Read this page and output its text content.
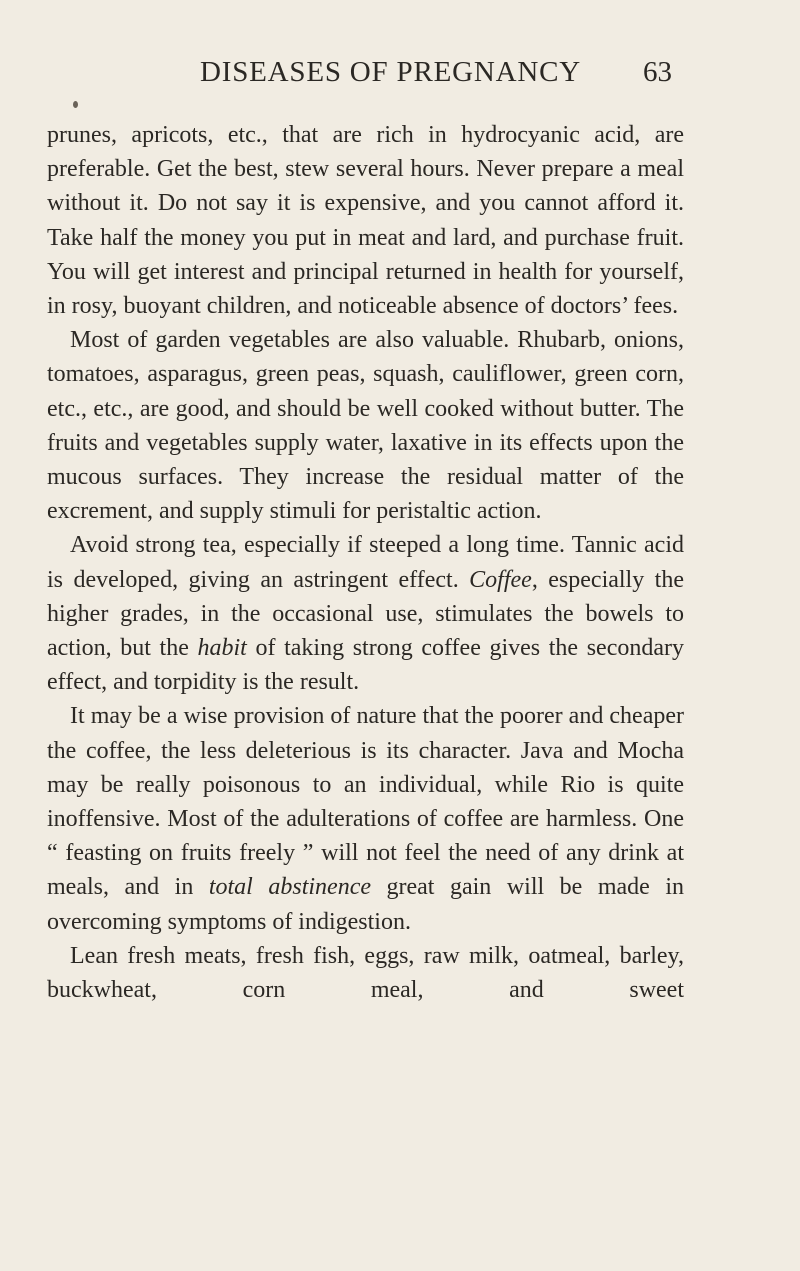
DISEASES OF PREGNANCY 63

prunes, apricots, etc., that are rich in hydrocyanic acid, are preferable. Get the best, stew several hours. Never prepare a meal without it. Do not say it is expensive, and you cannot afford it. Take half the money you put in meat and lard, and purchase fruit. You will get interest and principal returned in health for yourself, in rosy, buoyant children, and noticeable absence of doctors’ fees.

Most of garden vegetables are also valuable. Rhubarb, onions, tomatoes, asparagus, green peas, squash, cauliflower, green corn, etc., etc., are good, and should be well cooked without butter. The fruits and vegetables supply water, laxative in its effects upon the mucous surfaces. They increase the residual matter of the excrement, and supply stimuli for peristaltic action.

Avoid strong tea, especially if steeped a long time. Tannic acid is developed, giving an astringent effect. Coffee, especially the higher grades, in the occasional use, stimulates the bowels to action, but the habit of taking strong coffee gives the secondary effect, and torpidity is the result.

It may be a wise provision of nature that the poorer and cheaper the coffee, the less deleterious is its character. Java and Mocha may be really poisonous to an individual, while Rio is quite inoffensive. Most of the adulterations of coffee are harmless. One “ feasting on fruits freely ” will not feel the need of any drink at meals, and in total abstinence great gain will be made in overcoming symptoms of indigestion.

Lean fresh meats, fresh fish, eggs, raw milk, oatmeal, barley, buckwheat, corn meal, and sweet
